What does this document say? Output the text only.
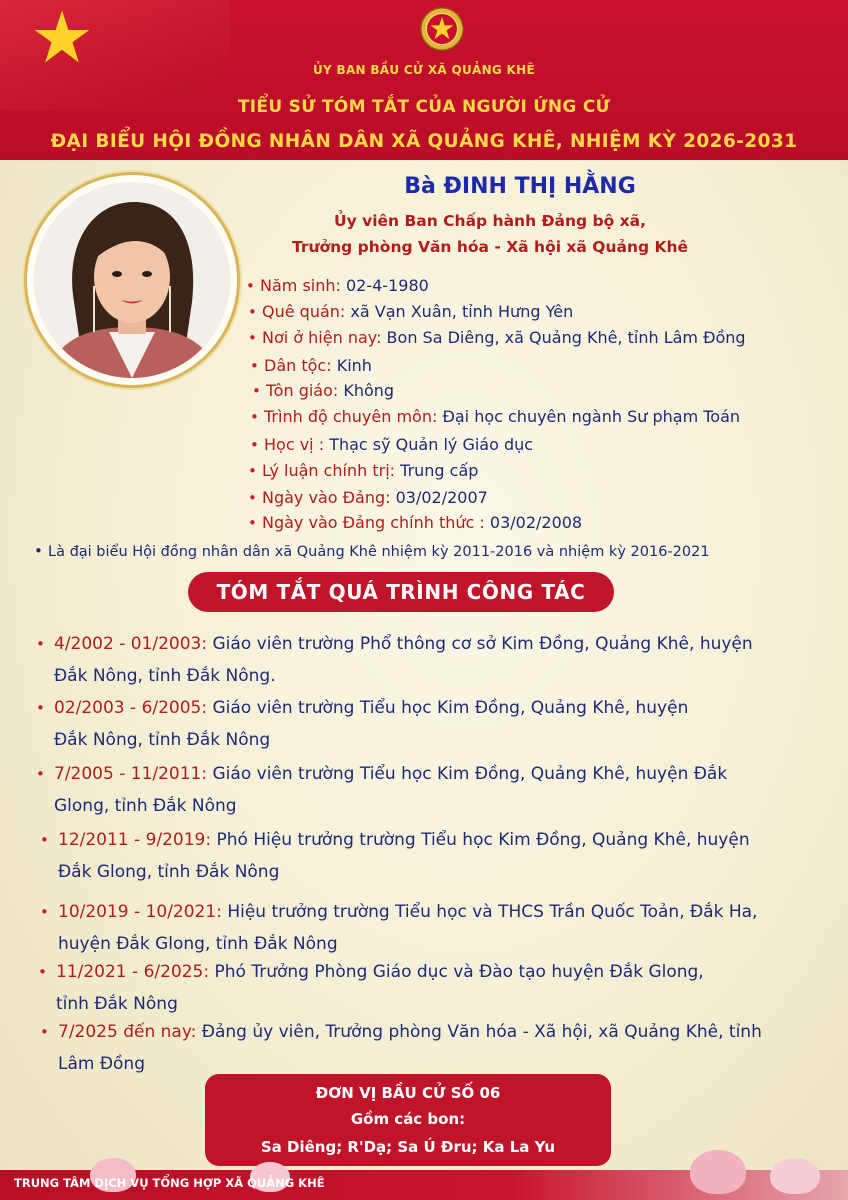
ỦY BAN BẦU CỬ XÃ QUẢNG KHÊ
TIỂU SỬ TÓM TẮT CỦA NGƯỜI ỨNG CỬ
ĐẠI BIỂU HỘI ĐỒNG NHÂN DÂN XÃ QUẢNG KHÊ, NHIỆM KỲ 2026-2031
Bà ĐINH THỊ HẰNG
Ủy viên Ban Chấp hành Đảng bộ xã,
Trưởng phòng Văn hóa - Xã hội xã Quảng Khê
• Năm sinh: 02-4-1980
• Quê quán: xã Vạn Xuân, tỉnh Hưng Yên
• Nơi ở hiện nay: Bon Sa Diêng, xã Quảng Khê, tỉnh Lâm Đồng
• Dân tộc: Kinh
• Tôn giáo: Không
• Trình độ chuyên môn: Đại học chuyên ngành Sư phạm Toán
• Học vị : Thạc sỹ Quản lý Giáo dục
• Lý luận chính trị: Trung cấp
• Ngày vào Đảng: 03/02/2007
• Ngày vào Đảng chính thức : 03/02/2008
• Là đại biểu Hội đồng nhân dân xã Quảng Khê nhiệm kỳ 2011-2016 và nhiệm kỳ 2016-2021
TÓM TẮT QUÁ TRÌNH CÔNG TÁC
• 4/2002 - 01/2003: Giáo viên trường Phổ thông cơ sở Kim Đồng, Quảng Khê, huyện
Đắk Nông, tỉnh Đắk Nông.
• 02/2003 - 6/2005: Giáo viên trường Tiểu học Kim Đồng, Quảng Khê, huyện
Đắk Nông, tỉnh Đắk Nông
• 7/2005 - 11/2011: Giáo viên trường Tiểu học Kim Đồng, Quảng Khê, huyện Đắk
Glong, tỉnh Đắk Nông
• 12/2011 - 9/2019: Phó Hiệu trưởng trường Tiểu học Kim Đồng, Quảng Khê, huyện
Đắk Glong, tỉnh Đắk Nông
• 10/2019 - 10/2021: Hiệu trưởng trường Tiểu học và THCS Trần Quốc Toản, Đắk Ha,
huyện Đắk Glong, tỉnh Đắk Nông
• 11/2021 - 6/2025: Phó Trưởng Phòng Giáo dục và Đào tạo huyện Đắk Glong,
tỉnh Đắk Nông
• 7/2025 đến nay: Đảng ủy viên, Trưởng phòng Văn hóa - Xã hội, xã Quảng Khê, tỉnh
Lâm Đồng
ĐƠN VỊ BẦU CỬ SỐ 06
Gồm các bon:
Sa Diêng; R'Dạ; Sa Ú Đru; Ka La Yu
TRUNG TÂM DỊCH VỤ TỔNG HỢP XÃ QUẢNG KHÊ
